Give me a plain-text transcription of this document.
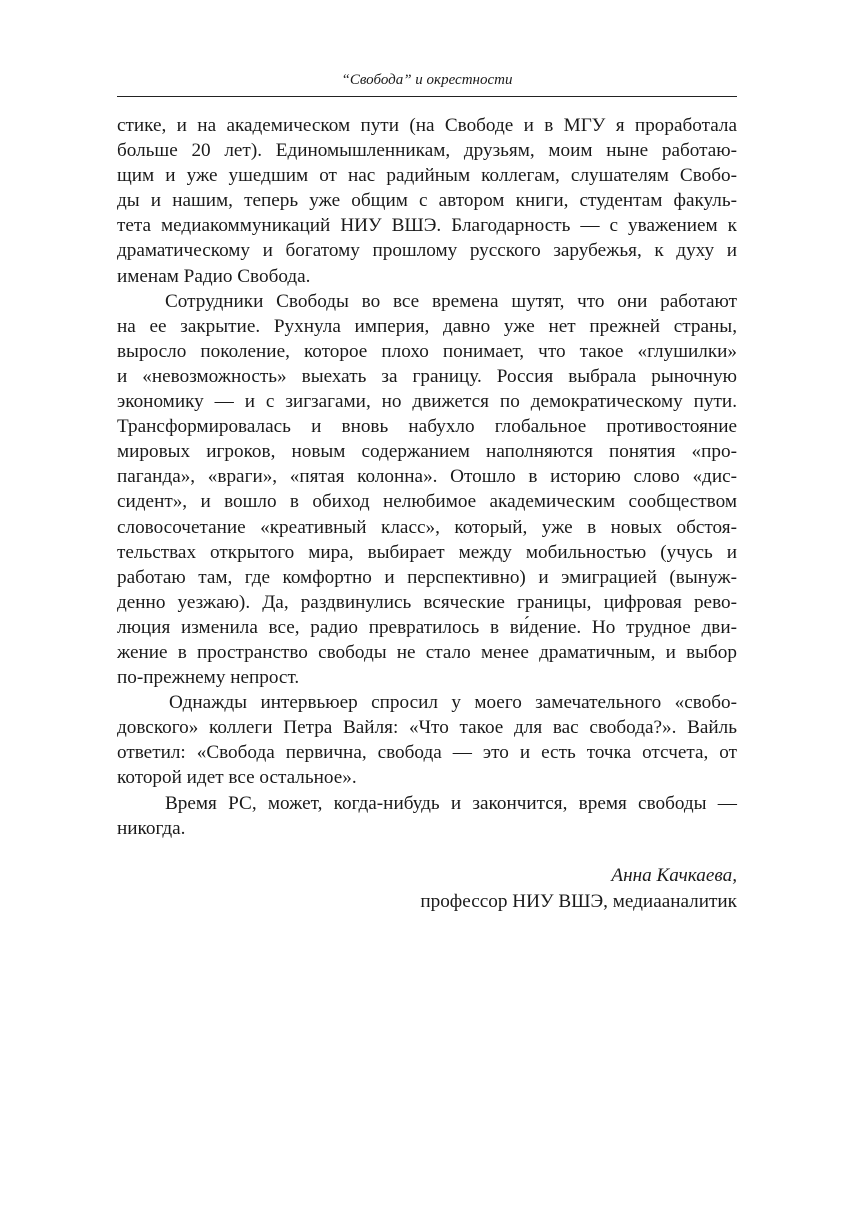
“Свобода” и окрестности

стике, и на академическом пути (на Свободе и в МГУ я проработала
больше 20 лет). Единомышленникам, друзьям, моим ныне работаю-
щим и уже ушедшим от нас радийным коллегам, слушателям Свобо-
ды и нашим, теперь уже общим с автором книги, студентам факуль-
тета медиакоммуникаций НИУ ВШЭ. Благодарность — с уважением к
драматическому и богатому прошлому русского зарубежья, к духу и
именам Радио Свобода.

Сотрудники Свободы во все времена шутят, что они работают
на ее закрытие. Рухнула империя, давно уже нет прежней страны,
выросло поколение, которое плохо понимает, что такое «глушилки»
и «невозможность» выехать за границу. Россия выбрала рыночную
экономику — и с зигзагами, но движется по демократическому пути.
Трансформировалась и вновь набухло глобальное противостояние
мировых игроков, новым содержанием наполняются понятия «про-
паганда», «враги», «пятая колонна». Отошло в историю слово «дис-
сидент», и вошло в обиход нелюбимое академическим сообществом
словосочетание «креативный класс», который, уже в новых обстоя-
тельствах открытого мира, выбирает между мобильностью (учусь и
работаю там, где комфортно и перспективно) и эмиграцией (вынуж-
денно уезжаю). Да, раздвинулись всяческие границы, цифровая рево-
люция изменила все, радио превратилось в ви́дение. Но трудное дви-
жение в пространство свободы не стало менее драматичным, и выбор
по-прежнему непрост.

Однажды интервьюер спросил у моего замечательного «свобо-
довского» коллеги Петра Вайля: «Что такое для вас свобода?». Вайль
ответил: «Свобода первична, свобода — это и есть точка отсчета, от
которой идет все остальное».

Время РС, может, когда-нибудь и закончится, время свободы —
никогда.

Анна Качкаева,
профессор НИУ ВШЭ, медиааналитик
